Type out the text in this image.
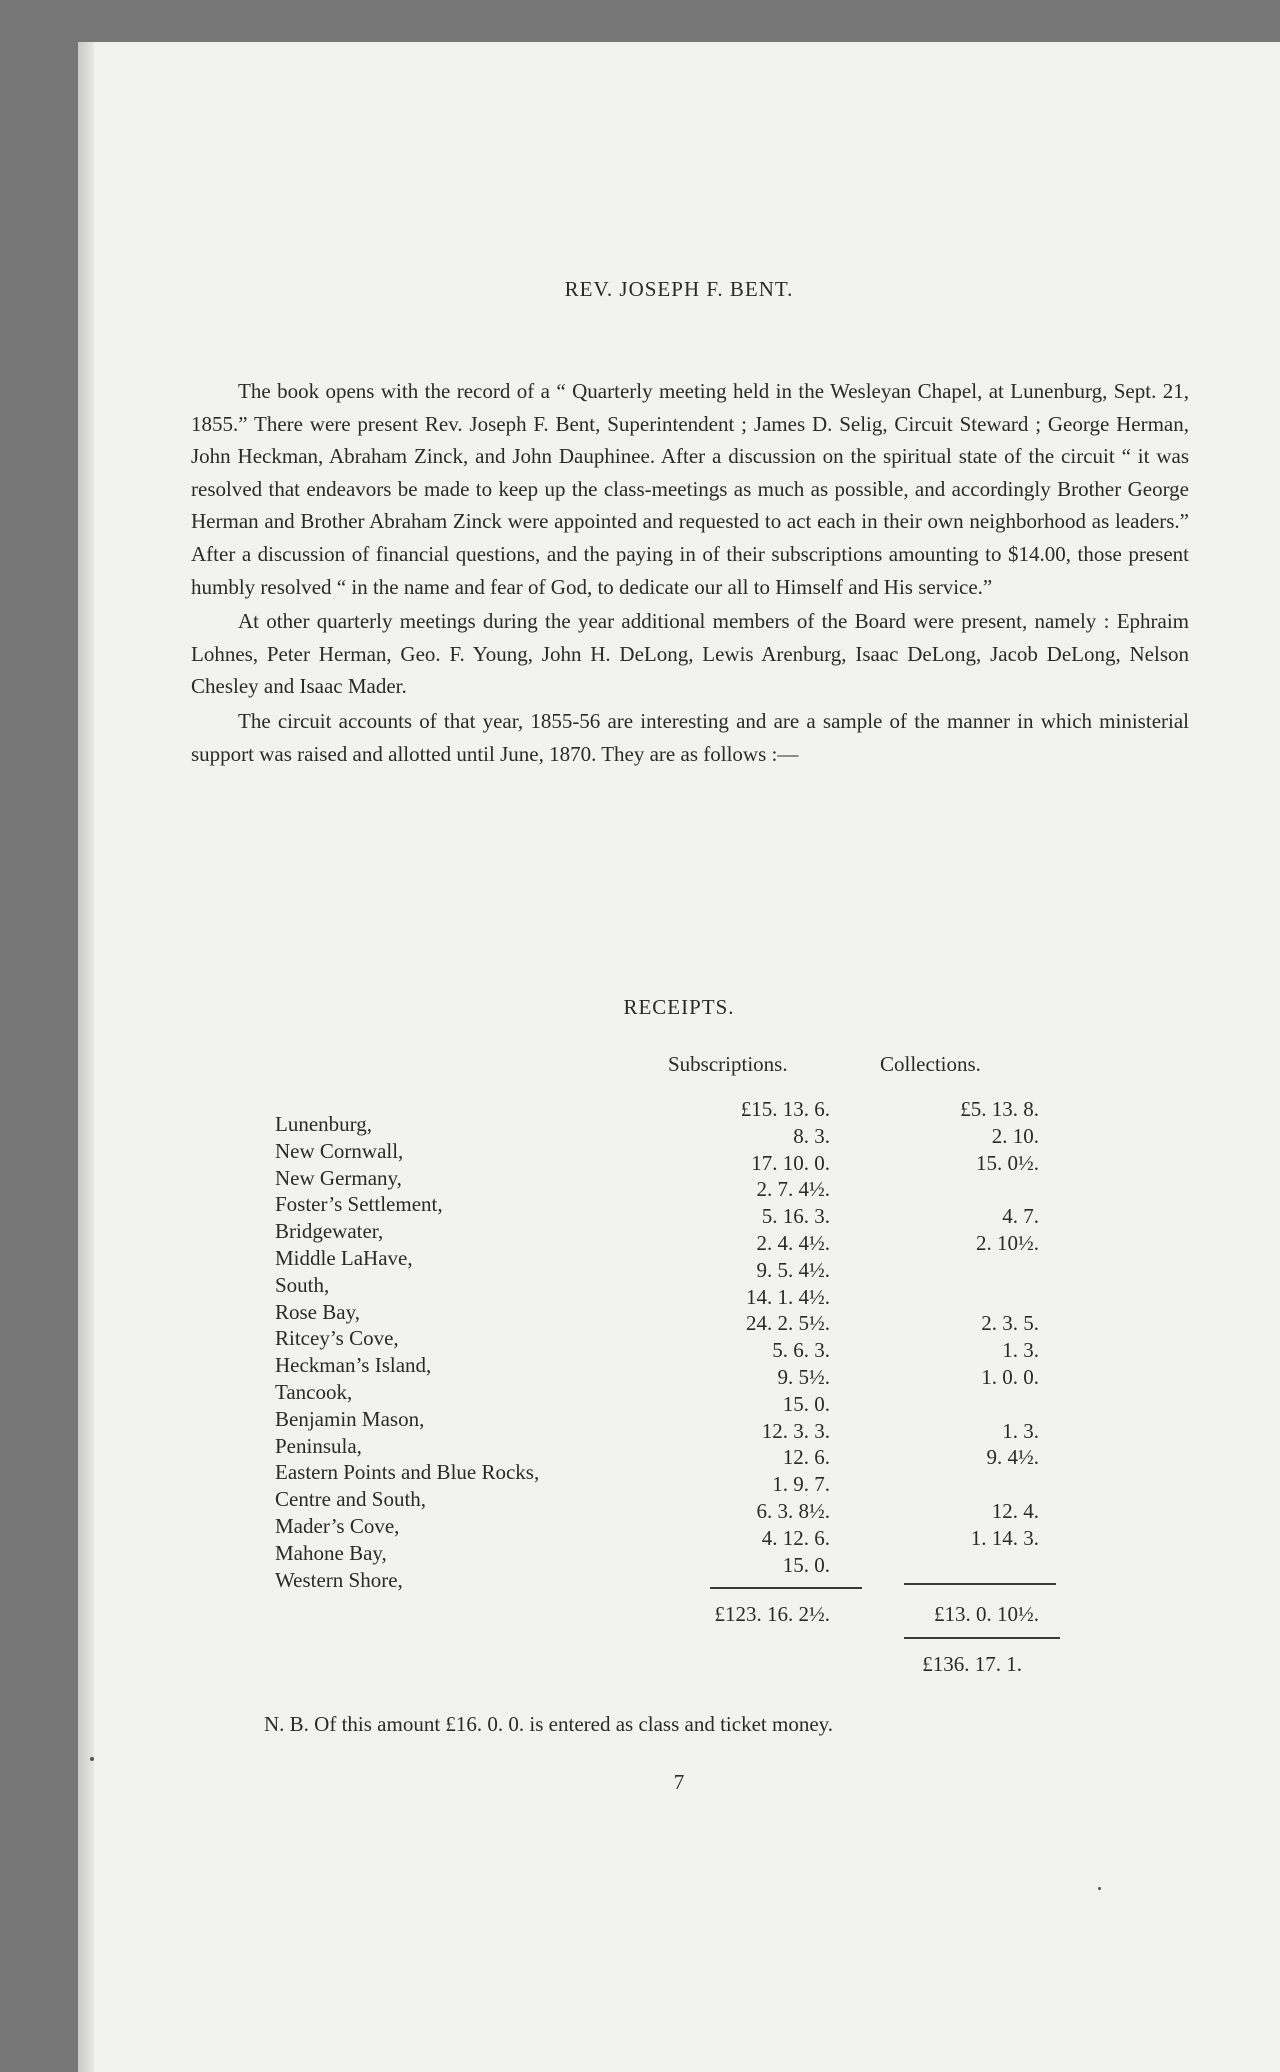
REV. JOSEPH F. BENT.

The book opens with the record of a “ Quarterly meeting held in the Wesleyan Chapel, at Lunenburg, Sept. 21, 1855.” There were present Rev. Joseph F. Bent, Superintendent ; James D. Selig, Circuit Steward ; George Herman, John Heckman, Abraham Zinck, and John Dauphinee. After a discussion on the spiritual state of the circuit “ it was resolved that endeavors be made to keep up the class-meetings as much as possible, and accordingly Brother George Herman and Brother Abraham Zinck were appointed and requested to act each in their own neighborhood as leaders.” After a discussion of financial questions, and the paying in of their subscriptions amounting to $14.00, those present humbly resolved “ in the name and fear of God, to dedicate our all to Himself and His service.”

At other quarterly meetings during the year additional members of the Board were present, namely : Ephraim Lohnes, Peter Herman, Geo. F. Young, John H. DeLong, Lewis Arenburg, Isaac DeLong, Jacob DeLong, Nelson Chesley and Isaac Mader.

The circuit accounts of that year, 1855-56 are interesting and are a sample of the manner in which ministerial support was raised and allotted until June, 1870. They are as follows :—

RECEIPTS.
Subscriptions.	Collections.
Lunenburg,
New Cornwall,
New Germany,
Foster’s Settlement,
Bridgewater,
Middle LaHave,
South,
Rose Bay,
Ritcey’s Cove,
Heckman’s Island,
Tancook,
Benjamin Mason,
Peninsula,
Eastern Points and Blue Rocks,
Centre and South,
Mader’s Cove,
Mahone Bay,
Western Shore,
£15. 13. 6.
8. 3.
17. 10. 0.
2. 7. 4½.
5. 16. 3.
2. 4. 4½.
9. 5. 4½.
14. 1. 4½.
24. 2. 5½.
5. 6. 3.
9. 5½.
15. 0.
12. 3. 3.
12. 6.
1. 9. 7.
6. 3. 8½.
4. 12. 6.
15. 0.
£5. 13. 8.
2. 10.
15. 0½.
4. 7.
2. 10½.
2. 3. 5.
1. 3.
1. 0. 0.
1. 3.
9. 4½.
12. 4.
1. 14. 3.
£123. 16. 2½.	£13. 0. 10½.
£136. 17. 1.
N. B. Of this amount £16. 0. 0. is entered as class and ticket money.
7
